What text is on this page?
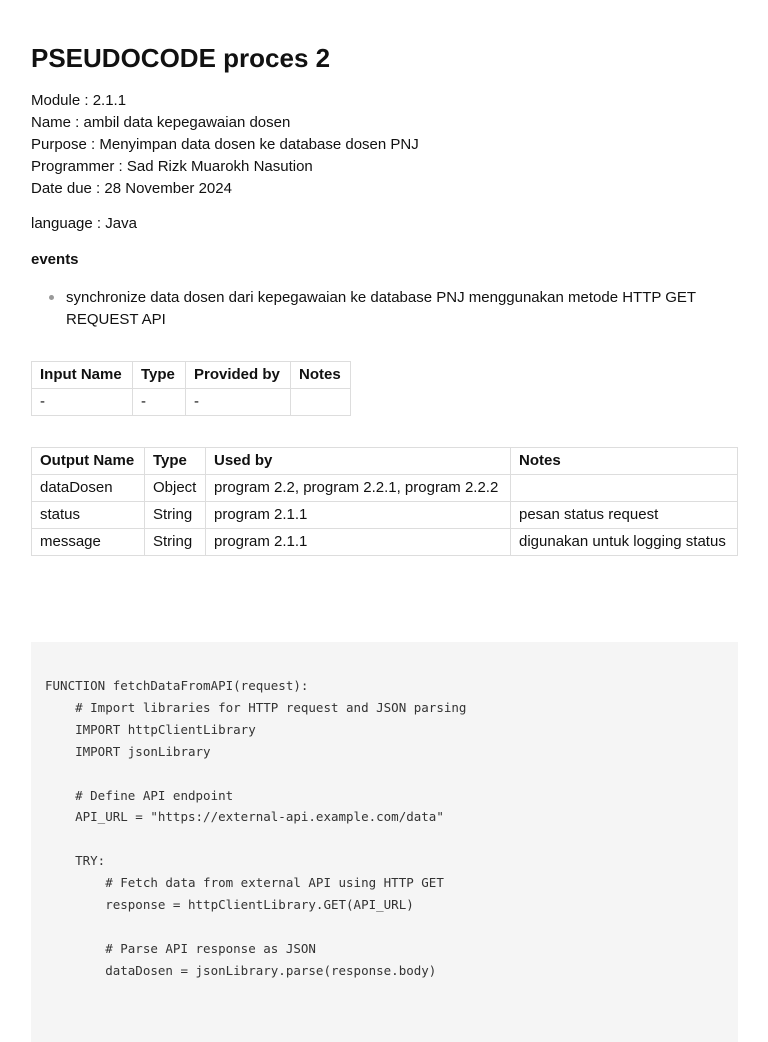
PSEUDOCODE proces 2
Module : 2.1.1
Name : ambil data kepegawaian dosen
Purpose : Menyimpan data dosen ke database dosen PNJ
Programmer : Sad Rizk Muarokh Nasution
Date due : 28 November 2024
language : Java
events
synchronize data dosen dari kepegawaian ke database PNJ menggunakan metode HTTP GET REQUEST API
Input Name	Type	Provided by	Notes
-	-	-	
Output Name	Type	Used by	Notes
dataDosen	Object	program 2.2, program 2.2.1, program 2.2.2	
status	String	program 2.1.1	pesan status request
message	String	program 2.1.1	digunakan untuk logging status
FUNCTION fetchDataFromAPI(request):
# Import libraries for HTTP request and JSON parsing
IMPORT httpClientLibrary
IMPORT jsonLibrary

# Define API endpoint
API_URL = "https://external-api.example.com/data"

TRY:
# Fetch data from external API using HTTP GET
response = httpClientLibrary.GET(API_URL)

# Parse API response as JSON
dataDosen = jsonLibrary.parse(response.body)
